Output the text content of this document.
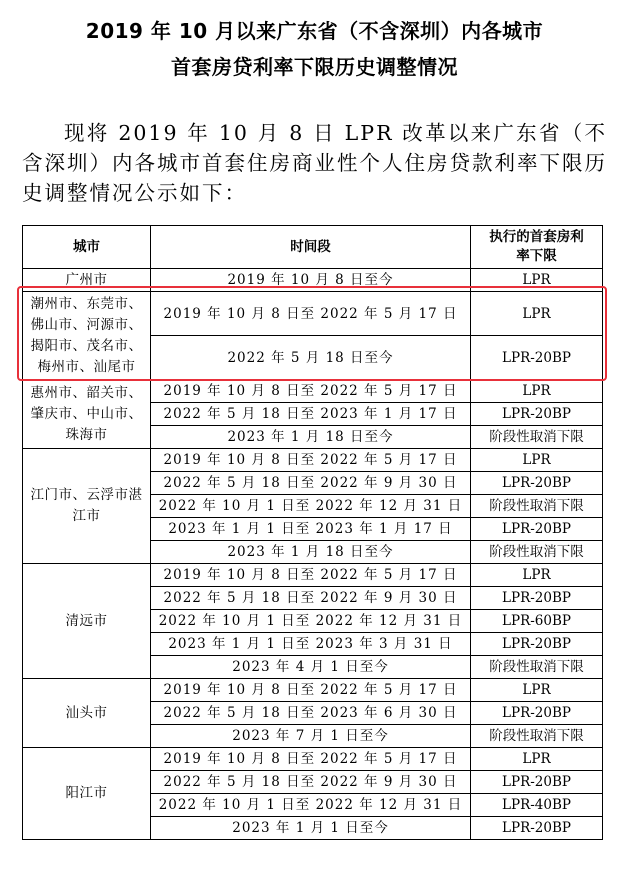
2019 年 10 月以来广东省（不含深圳）内各城市
首套房贷利率下限历史调整情况

现将 2019 年 10 月 8 日 LPR 改革以来广东省（不含深圳）内各城市首套住房商业性个人住房贷款利率下限历史调整情况公示如下：

城市	时间段	执行的首套房利率下限
广州市	2019 年 10 月 8 日至今	LPR
潮州市、东莞市、佛山市、河源市、揭阳市、茂名市、梅州市、汕尾市	2019 年 10 月 8 日至 2022 年 5 月 17 日	LPR
	2022 年 5 月 18 日至今	LPR-20BP
惠州市、韶关市、肇庆市、中山市、珠海市	2019 年 10 月 8 日至 2022 年 5 月 17 日	LPR
	2022 年 5 月 18 日至 2023 年 1 月 17 日	LPR-20BP
	2023 年 1 月 18 日至今	阶段性取消下限
江门市、云浮市湛江市	2019 年 10 月 8 日至 2022 年 5 月 17 日	LPR
	2022 年 5 月 18 日至 2022 年 9 月 30 日	LPR-20BP
	2022 年 10 月 1 日至 2022 年 12 月 31 日	阶段性取消下限
	2023 年 1 月 1 日至 2023 年 1 月 17 日	LPR-20BP
	2023 年 1 月 18 日至今	阶段性取消下限
清远市	2019 年 10 月 8 日至 2022 年 5 月 17 日	LPR
	2022 年 5 月 18 日至 2022 年 9 月 30 日	LPR-20BP
	2022 年 10 月 1 日至 2022 年 12 月 31 日	LPR-60BP
	2023 年 1 月 1 日至 2023 年 3 月 31 日	LPR-20BP
	2023 年 4 月 1 日至今	阶段性取消下限
汕头市	2019 年 10 月 8 日至 2022 年 5 月 17 日	LPR
	2022 年 5 月 18 日至 2023 年 6 月 30 日	LPR-20BP
	2023 年 7 月 1 日至今	阶段性取消下限
阳江市	2019 年 10 月 8 日至 2022 年 5 月 17 日	LPR
	2022 年 5 月 18 日至 2022 年 9 月 30 日	LPR-20BP
	2022 年 10 月 1 日至 2022 年 12 月 31 日	LPR-40BP
	2023 年 1 月 1 日至今	LPR-20BP
